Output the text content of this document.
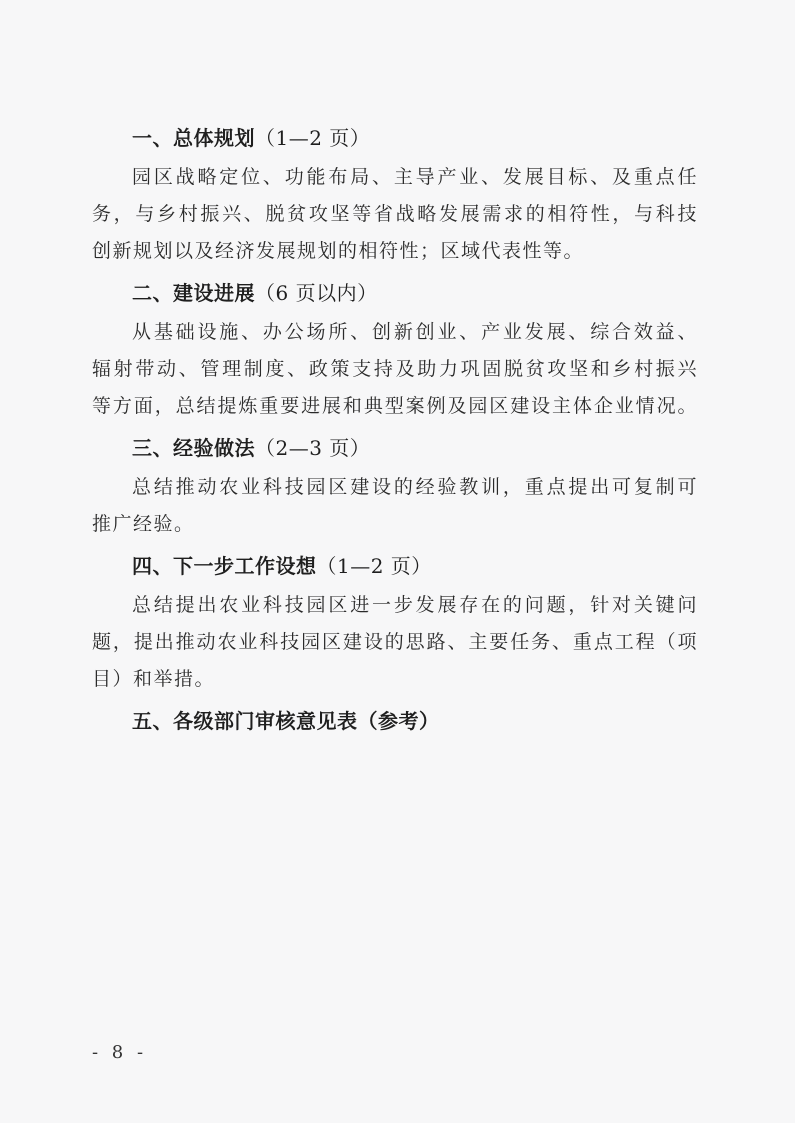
一、总体规划（1—2 页）
园区战略定位、功能布局、主导产业、发展目标、及重点任
务，与乡村振兴、脱贫攻坚等省战略发展需求的相符性，与科技
创新规划以及经济发展规划的相符性；区域代表性等。
二、建设进展（6 页以内）
从基础设施、办公场所、创新创业、产业发展、综合效益、
辐射带动、管理制度、政策支持及助力巩固脱贫攻坚和乡村振兴
等方面，总结提炼重要进展和典型案例及园区建设主体企业情况。
三、经验做法（2—3 页）
总结推动农业科技园区建设的经验教训，重点提出可复制可
推广经验。
四、下一步工作设想（1—2 页）
总结提出农业科技园区进一步发展存在的问题，针对关键问
题，提出推动农业科技园区建设的思路、主要任务、重点工程（项
目）和举措。
五、各级部门审核意见表（参考）
- 8 -
